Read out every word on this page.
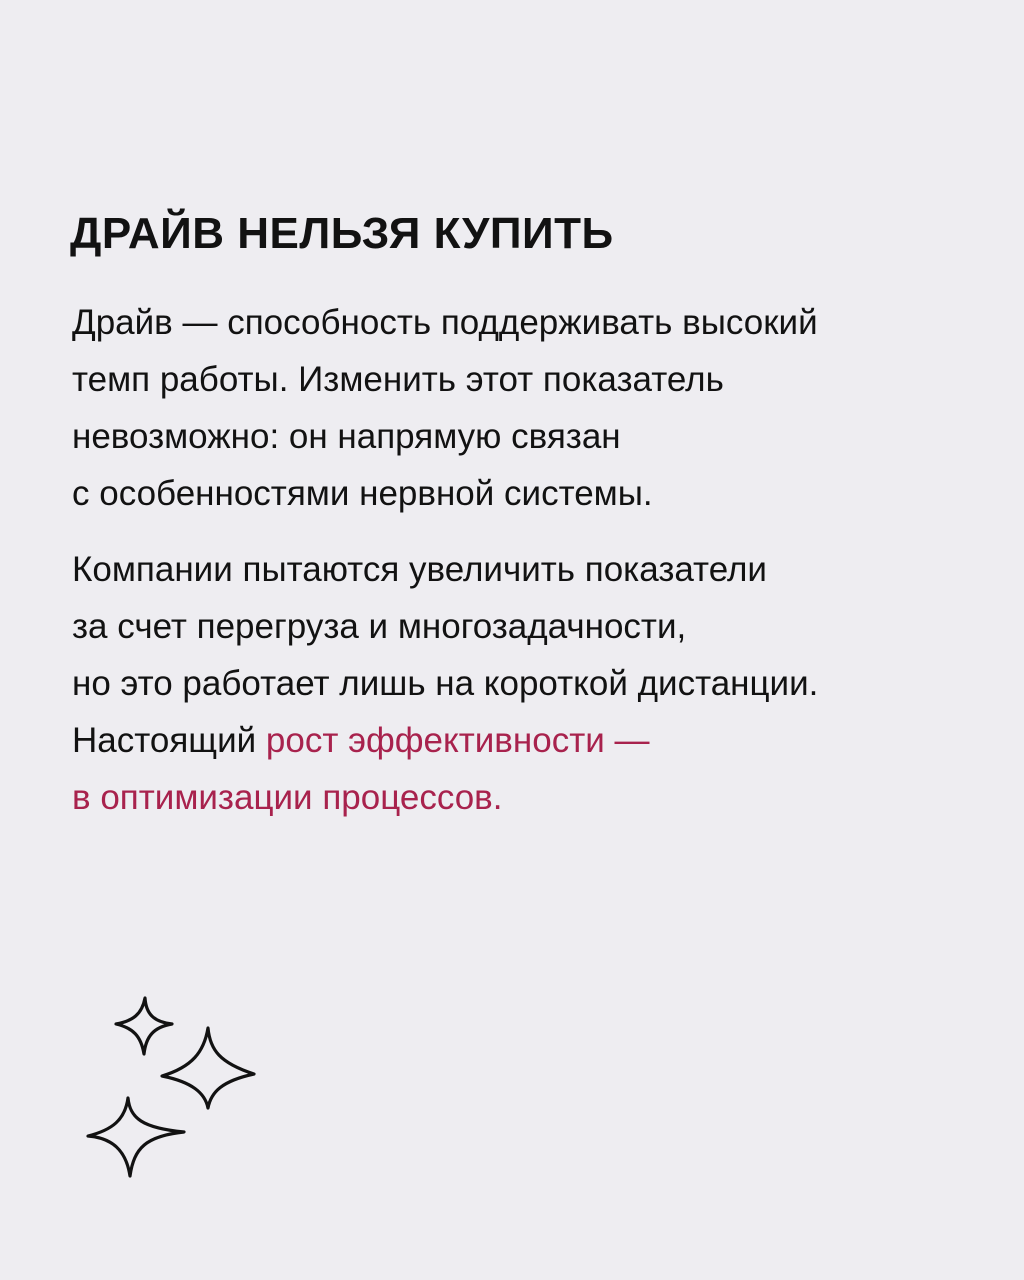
ДРАЙВ НЕЛЬЗЯ КУПИТЬ

Драйв — способность поддерживать высокий
темп работы. Изменить этот показатель
невозможно: он напрямую связан
с особенностями нервной системы.

Компании пытаются увеличить показатели
за счет перегруза и многозадачности,
но это работает лишь на короткой дистанции.
Настоящий рост эффективности —
в оптимизации процессов.
